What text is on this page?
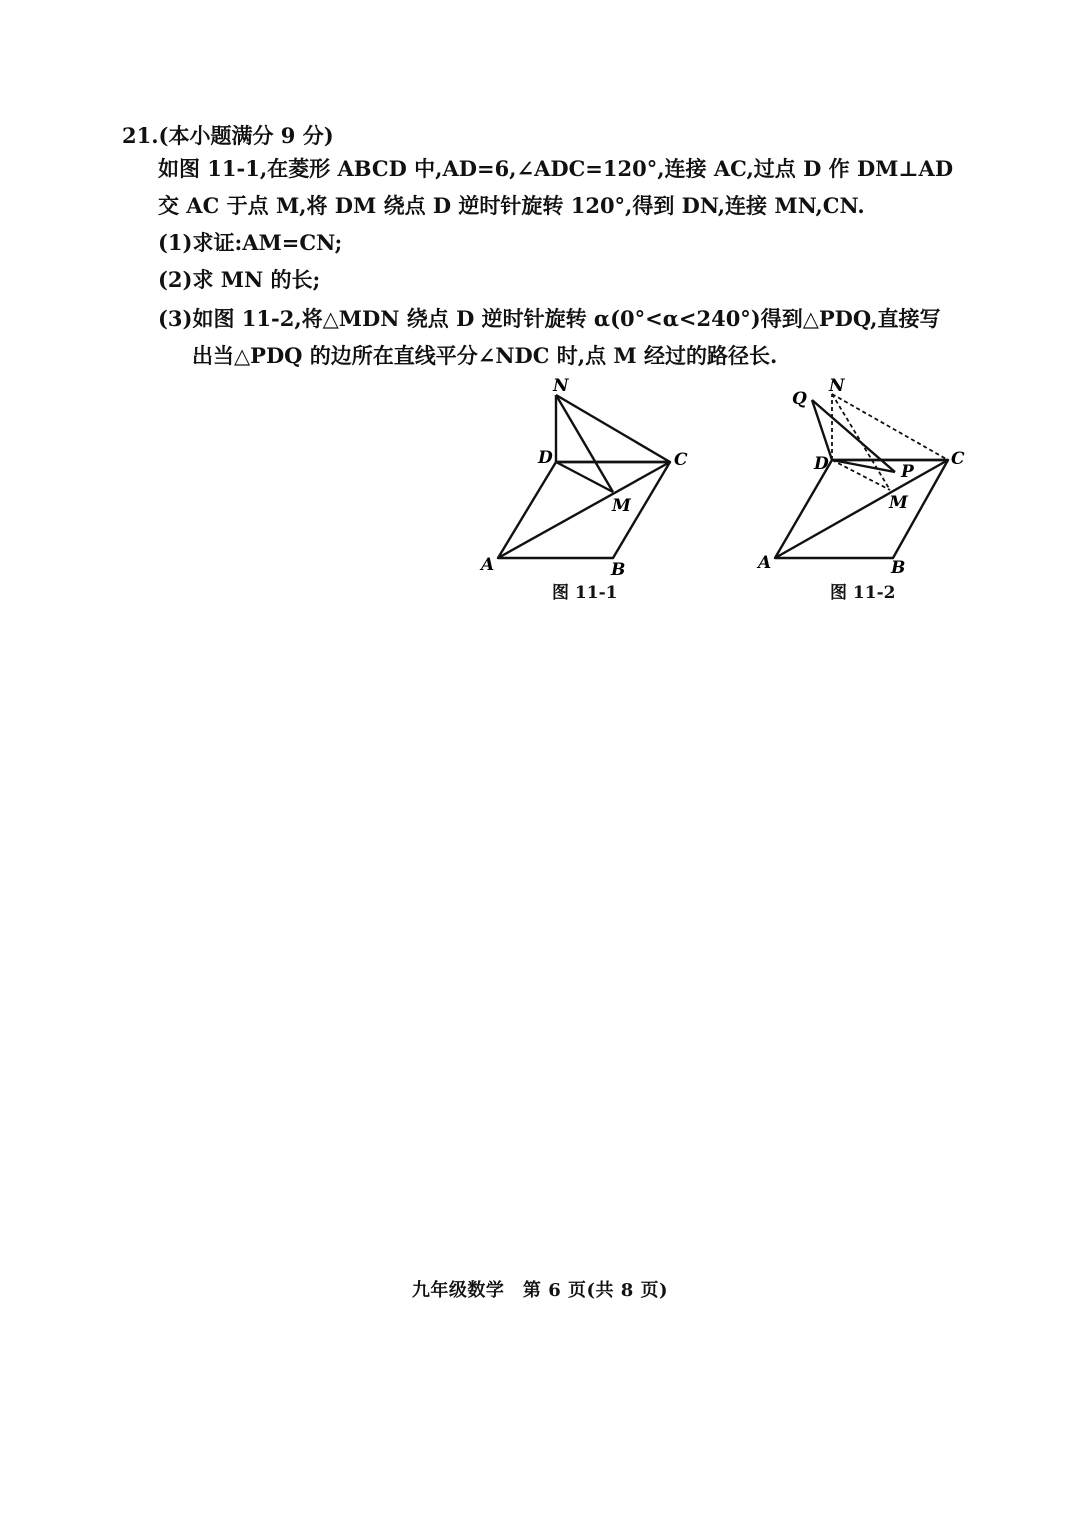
21.(本小题满分 9 分)
如图 11-1,在菱形 ABCD 中,AD=6,∠ADC=120°,连接 AC,过点 D 作 DM⊥AD
交 AC 于点 M,将 DM 绕点 D 逆时针旋转 120°,得到 DN,连接 MN,CN.
(1)求证:AM=CN;
(2)求 MN 的长;
(3)如图 11-2,将△MDN 绕点 D 逆时针旋转 α(0°<α<240°)得到△PDQ,直接写
出当△PDQ 的边所在直线平分∠NDC 时,点 M 经过的路径长.
N
D	C
M
A	B
图 11-1
Q
N
D	P
C
M
A	B
图 11-2
九年级数学　第 6 页(共 8 页)
